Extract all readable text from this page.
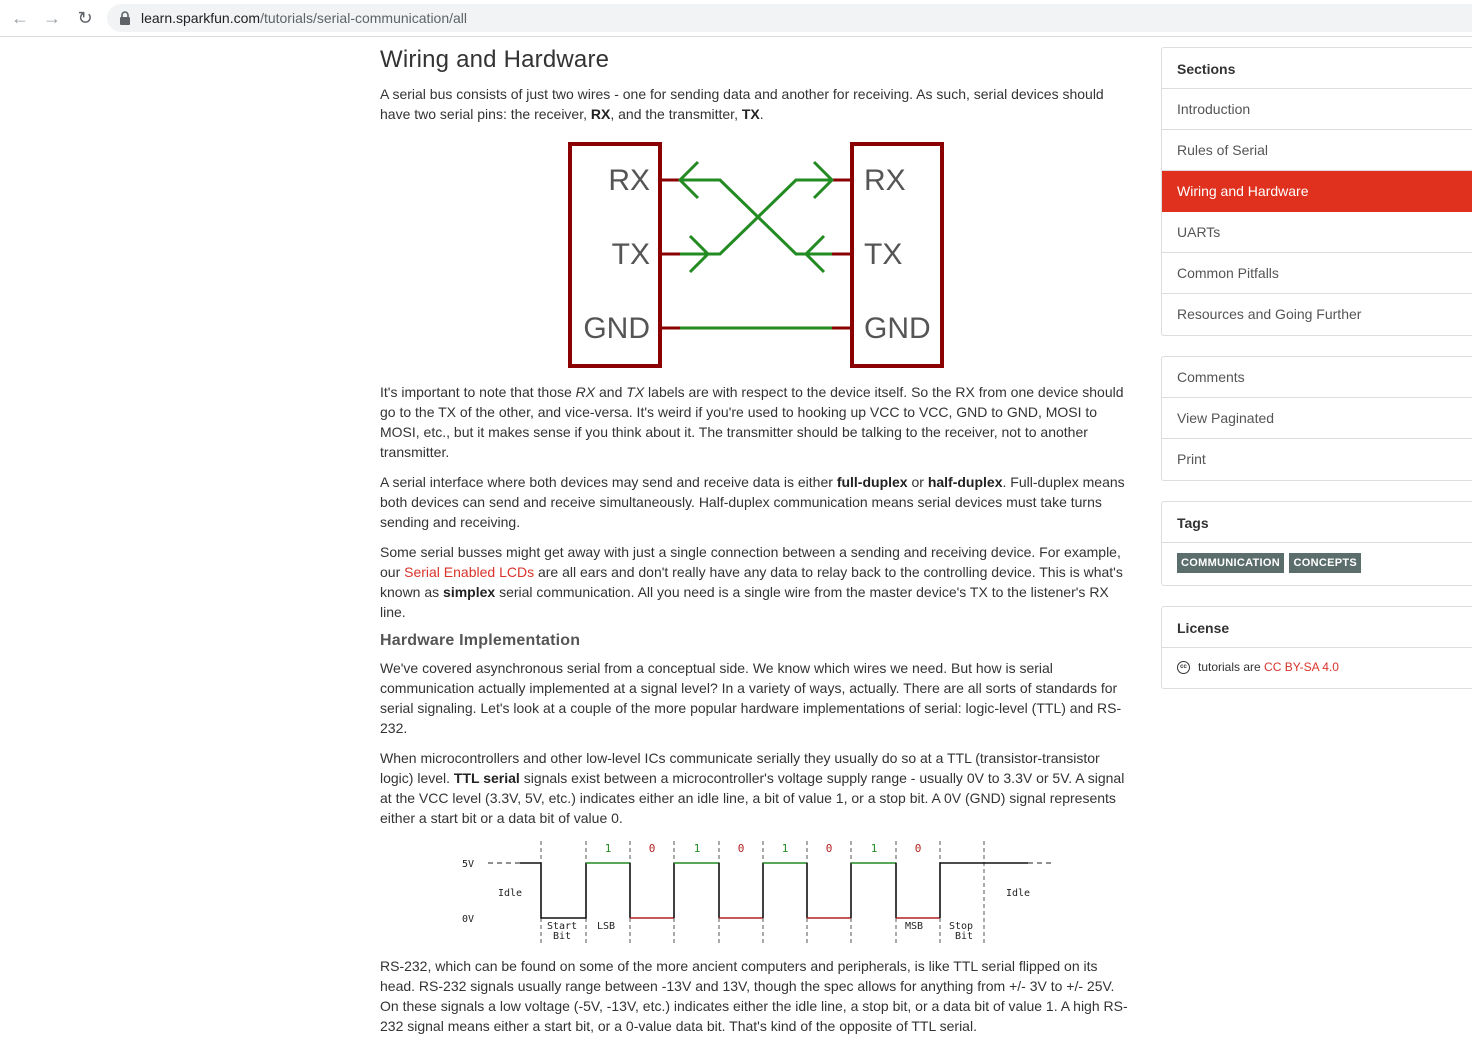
← → ↻	learn.sparkfun.com/tutorials/serial-communication/all
Wiring and Hardware

A serial bus consists of just two wires - one for sending data and another for receiving. As such, serial devices should have two serial pins: the receiver, RX, and the transmitter, TX.

RX
TX
GND
RX
TX
GND

It's important to note that those RX and TX labels are with respect to the device itself. So the RX from one device should go to the TX of the other, and vice-versa. It's weird if you're used to hooking up VCC to VCC, GND to GND, MOSI to MOSI, etc., but it makes sense if you think about it. The transmitter should be talking to the receiver, not to another transmitter.

A serial interface where both devices may send and receive data is either full-duplex or half-duplex. Full-duplex means both devices can send and receive simultaneously. Half-duplex communication means serial devices must take turns sending and receiving.

Some serial busses might get away with just a single connection between a sending and receiving device. For example, our Serial Enabled LCDs are all ears and don't really have any data to relay back to the controlling device. This is what's known as simplex serial communication. All you need is a single wire from the master device's TX to the listener's RX line.

Hardware Implementation

We've covered asynchronous serial from a conceptual side. We know which wires we need. But how is serial communication actually implemented at a signal level? In a variety of ways, actually. There are all sorts of standards for serial signaling. Let's look at a couple of the more popular hardware implementations of serial: logic-level (TTL) and RS-232.

When microcontrollers and other low-level ICs communicate serially they usually do so at a TTL (transistor-transistor logic) level. TTL serial signals exist between a microcontroller's voltage supply range - usually 0V to 3.3V or 5V. A signal at the VCC level (3.3V, 5V, etc.) indicates either an idle line, a bit of value 1, or a stop bit. A 0V (GND) signal represents either a start bit or a data bit of value 0.

5V
0V
Idle	Idle
Start
Bit
LSB	MSB	Stop
Bit
1	0	1	0	1	0	1	0

RS-232, which can be found on some of the more ancient computers and peripherals, is like TTL serial flipped on its head. RS-232 signals usually range between -13V and 13V, though the spec allows for anything from +/- 3V to +/- 25V. On these signals a low voltage (-5V, -13V, etc.) indicates either the idle line, a stop bit, or a data bit of value 1. A high RS-232 signal means either a start bit, or a 0-value data bit. That's kind of the opposite of TTL serial.

Sections
Introduction
Rules of Serial
Wiring and Hardware
UARTs
Common Pitfalls
Resources and Going Further
Comments
View Paginated
Print
Tags
COMMUNICATION CONCEPTS
License
cc tutorials are
CC BY-SA 4.0
